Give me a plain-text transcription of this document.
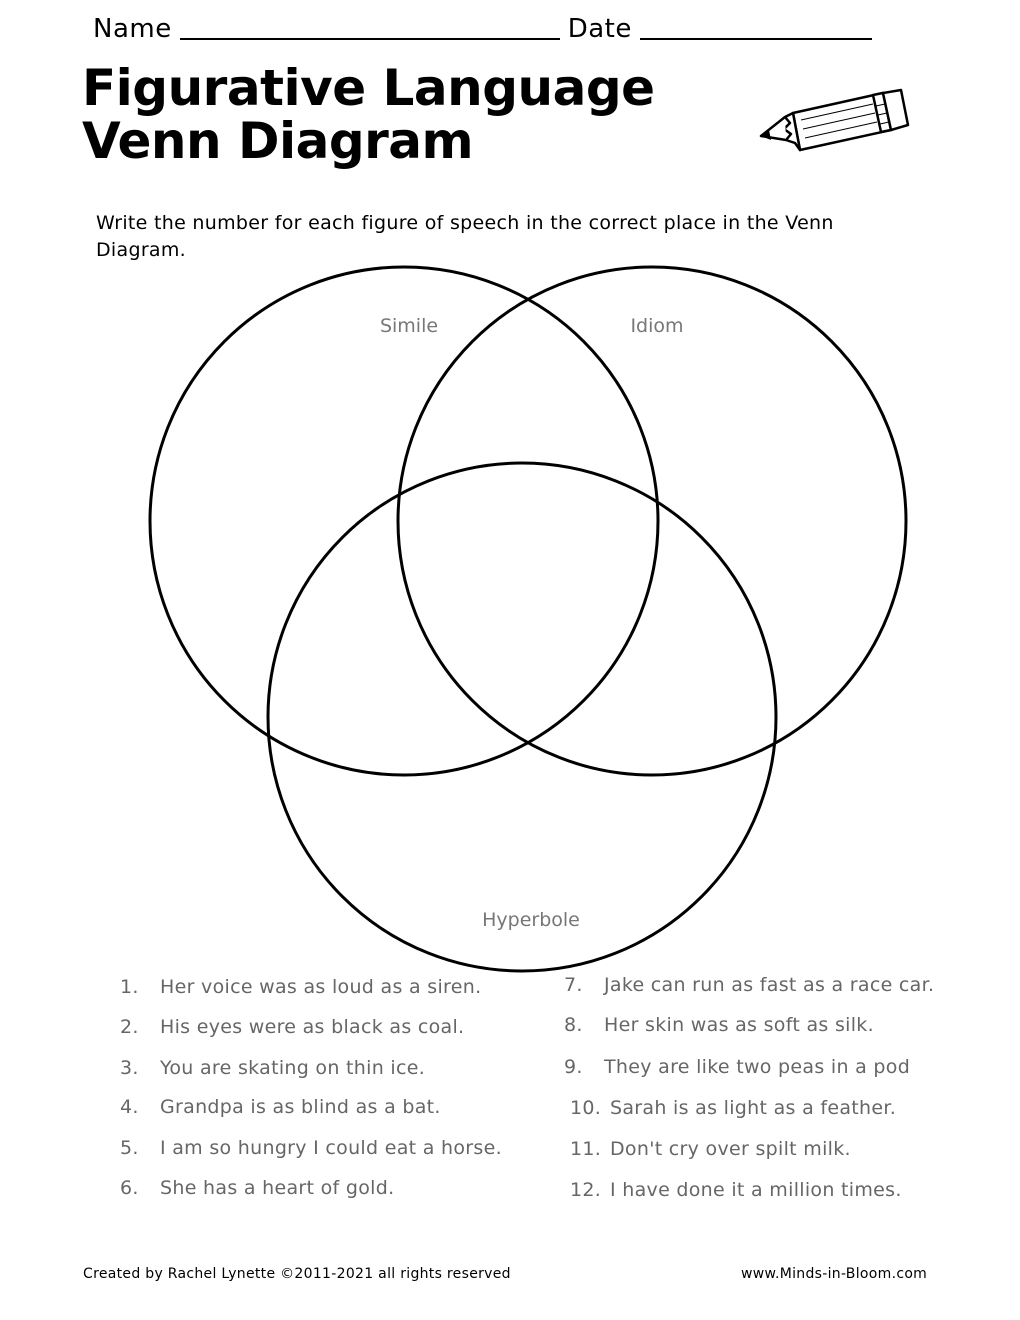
Name	Date
Figurative Language
Venn Diagram
Write the number for each figure of speech in the correct place in the Venn Diagram.
Simile	Idiom
Hyperbole
1. Her voice was as loud as a siren.
2. His eyes were as black as coal.
3. You are skating on thin ice.
4. Grandpa is as blind as a bat.
5. I am so hungry I could eat a horse.
6. She has a heart of gold.
7. Jake can run as fast as a race car.
8. Her skin was as soft as silk.
9. They are like two peas in a pod
10. Sarah is as light as a feather.
11. Don't cry over spilt milk.
12. I have done it a million times.
Created by Rachel Lynette ©2011-2021 all rights reserved	www.Minds-in-Bloom.com
